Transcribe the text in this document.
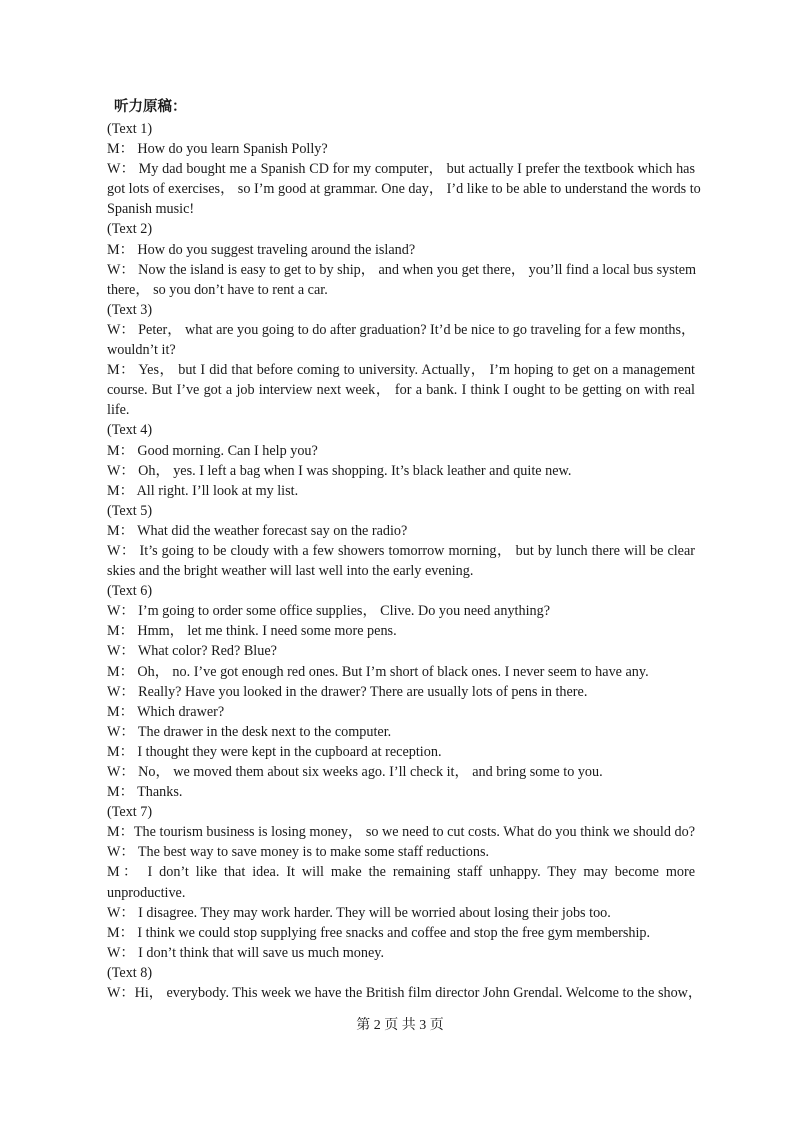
听力原稿：
(Text 1)
M： How do you learn Spanish Polly?
W： My dad bought me a Spanish CD for my computer， but actually I prefer the textbook which has
got lots of exercises， so I’m good at grammar. One day， I’d like to be able to understand the words to
Spanish music!
(Text 2)
M： How do you suggest traveling around the island?
W： Now the island is easy to get to by ship， and when you get there， you’ll find a local bus system
there， so you don’t have to rent a car.
(Text 3)
W： Peter， what are you going to do after graduation? It’d be nice to go traveling for a few months，
wouldn’t it?
M： Yes， but I did that before coming to university. Actually， I’m hoping to get on a management
course. But I’ve got a job interview next week， for a bank. I think I ought to be getting on with real
life.
(Text 4)
M： Good morning. Can I help you?
W： Oh， yes. I left a bag when I was shopping. It’s black leather and quite new.
M： All right. I’ll look at my list.
(Text 5)
M： What did the weather forecast say on the radio?
W： It’s going to be cloudy with a few showers tomorrow morning， but by lunch there will be clear
skies and the bright weather will last well into the early evening.
(Text 6)
W： I’m going to order some office supplies， Clive. Do you need anything?
M： Hmm， let me think. I need some more pens.
W： What color? Red? Blue?
M： Oh， no. I’ve got enough red ones. But I’m short of black ones. I never seem to have any.
W： Really? Have you looked in the drawer? There are usually lots of pens in there.
M： Which drawer?
W： The drawer in the desk next to the computer.
M： I thought they were kept in the cupboard at reception.
W： No， we moved them about six weeks ago. I’ll check it， and bring some to you.
M： Thanks.
(Text 7)
M：The tourism business is losing money， so we need to cut costs. What do you think we should do?
W： The best way to save money is to make some staff reductions.
M： I don’t like that idea. It will make the remaining staff unhappy. They may become more
unproductive.
W： I disagree. They may work harder. They will be worried about losing their jobs too.
M： I think we could stop supplying free snacks and coffee and stop the free gym membership.
W： I don’t think that will save us much money.
(Text 8)
W：Hi， everybody. This week we have the British film director John Grendal. Welcome to the show，
第 2 页 共 3 页
